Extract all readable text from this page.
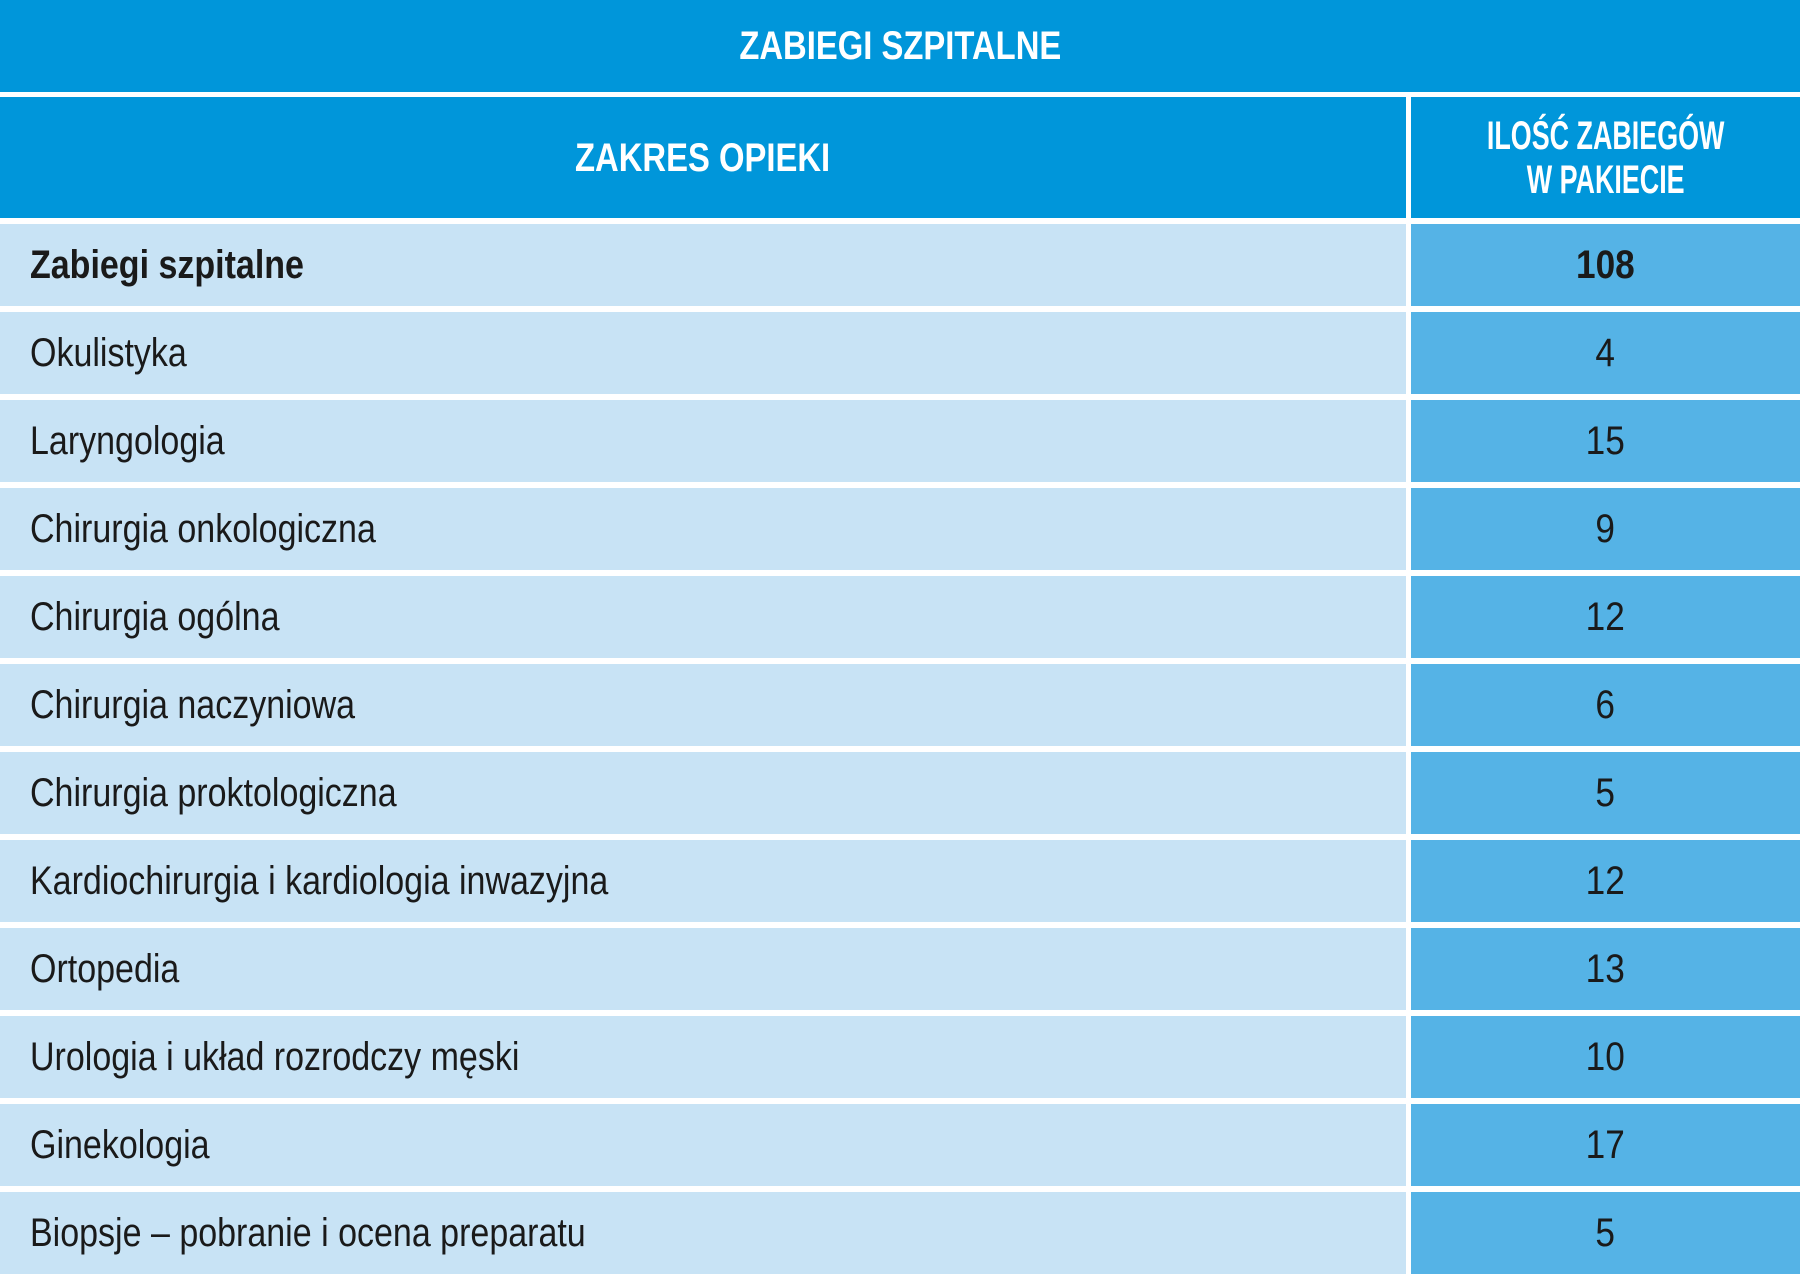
ZABIEGI SZPITALNE
ZAKRES OPIEKI	ILOŚĆ ZABIEGÓW
W PAKIECIE
Zabiegi szpitalne	108
Okulistyka	4
Laryngologia	15
Chirurgia onkologiczna	9
Chirurgia ogólna	12
Chirurgia naczyniowa	6
Chirurgia proktologiczna	5
Kardiochirurgia i kardiologia inwazyjna	12
Ortopedia	13
Urologia i układ rozrodczy męski	10
Ginekologia	17
Biopsje – pobranie i ocena preparatu	5
